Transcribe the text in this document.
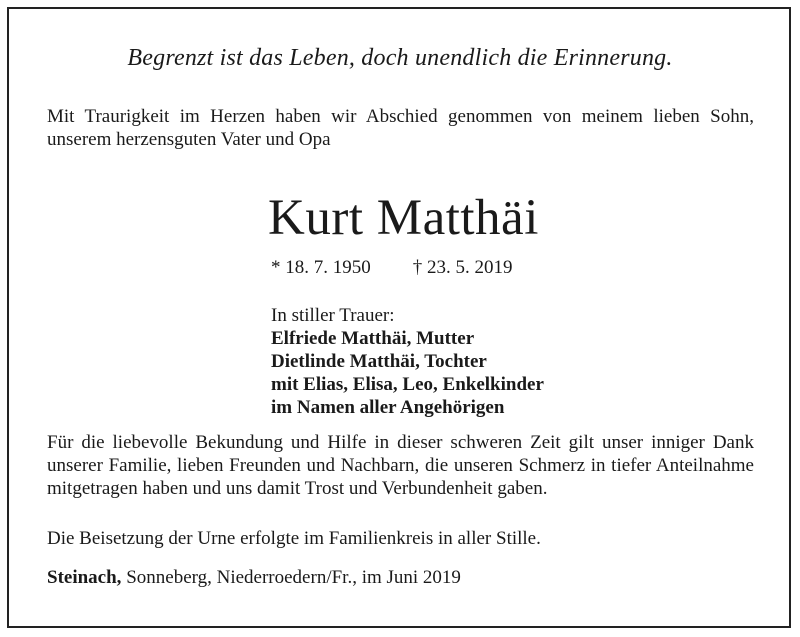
Begrenzt ist das Leben, doch unendlich die Erinnerung.
Mit Traurigkeit im Herzen haben wir Abschied genommen von meinem lieben Sohn, unserem herzensguten Vater und Opa
Kurt Matthäi
* 18. 7. 1950 † 23. 5. 2019
In stiller Trauer:
Elfriede Matthäi, Mutter
Dietlinde Matthäi, Tochter
mit Elias, Elisa, Leo, Enkelkinder
im Namen aller Angehörigen
Für die liebevolle Bekundung und Hilfe in dieser schweren Zeit gilt unser inniger Dank unserer Familie, lieben Freunden und Nachbarn, die unseren Schmerz in tiefer Anteilnahme mitgetragen haben und uns damit Trost und Verbundenheit gaben.
Die Beisetzung der Urne erfolgte im Familienkreis in aller Stille.
Steinach, Sonneberg, Niederroedern/Fr., im Juni 2019
